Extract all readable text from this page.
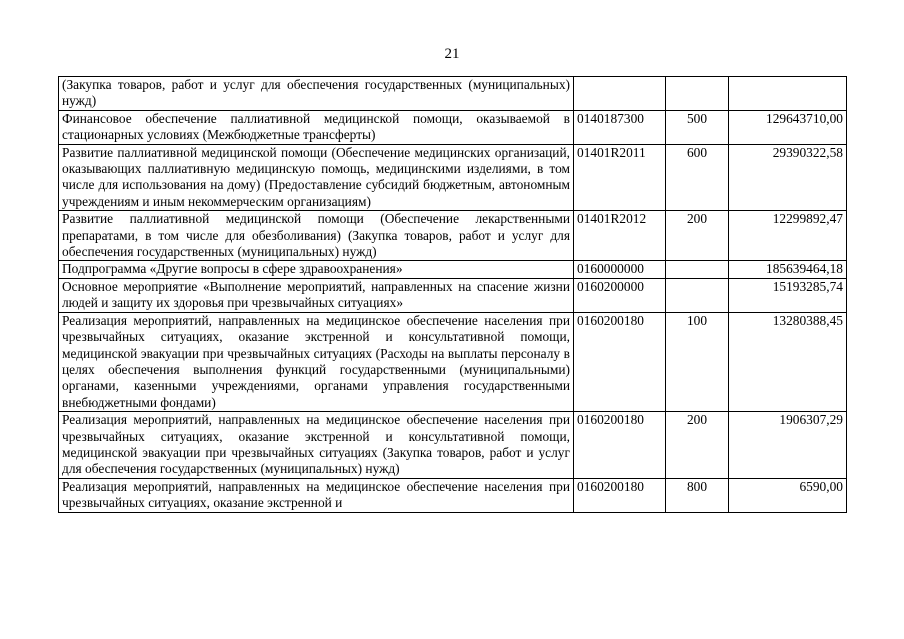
21
(Закупка товаров, работ и услуг для обеспечения государственных (муниципальных) нужд)			
Финансовое обеспечение паллиативной медицинской помощи, оказываемой в стационарных условиях (Межбюджетные трансферты)	0140187300	500	129643710,00
Развитие паллиативной медицинской помощи (Обеспечение медицинских организаций, оказывающих паллиативную медицинскую помощь, медицинскими изделиями, в том числе для использования на дому) (Предоставление субсидий бюджетным, автономным учреждениям и иным некоммерческим организациям)	01401R2011	600	29390322,58
Развитие паллиативной медицинской помощи (Обеспечение лекарственными препаратами, в том числе для обезболивания) (Закупка товаров, работ и услуг для обеспечения государственных (муниципальных) нужд)	01401R2012	200	12299892,47
Подпрограмма «Другие вопросы в сфере здравоохранения»	0160000000		185639464,18
Основное мероприятие «Выполнение мероприятий, направленных на спасение жизни людей и защиту их здоровья при чрезвычайных ситуациях»	0160200000		15193285,74
Реализация мероприятий, направленных на медицинское обеспечение населения при чрезвычайных ситуациях, оказание экстренной и консультативной помощи, медицинской эвакуации при чрезвычайных ситуациях (Расходы на выплаты персоналу в целях обеспечения выполнения функций государственными (муниципальными) органами, казенными учреждениями, органами управления государственными внебюджетными фондами)	0160200180	100	13280388,45
Реализация мероприятий, направленных на медицинское обеспечение населения при чрезвычайных ситуациях, оказание экстренной и консультативной помощи, медицинской эвакуации при чрезвычайных ситуациях (Закупка товаров, работ и услуг для обеспечения государственных (муниципальных) нужд)	0160200180	200	1906307,29
Реализация мероприятий, направленных на медицинское обеспечение населения при чрезвычайных ситуациях, оказание экстренной и	0160200180	800	6590,00
